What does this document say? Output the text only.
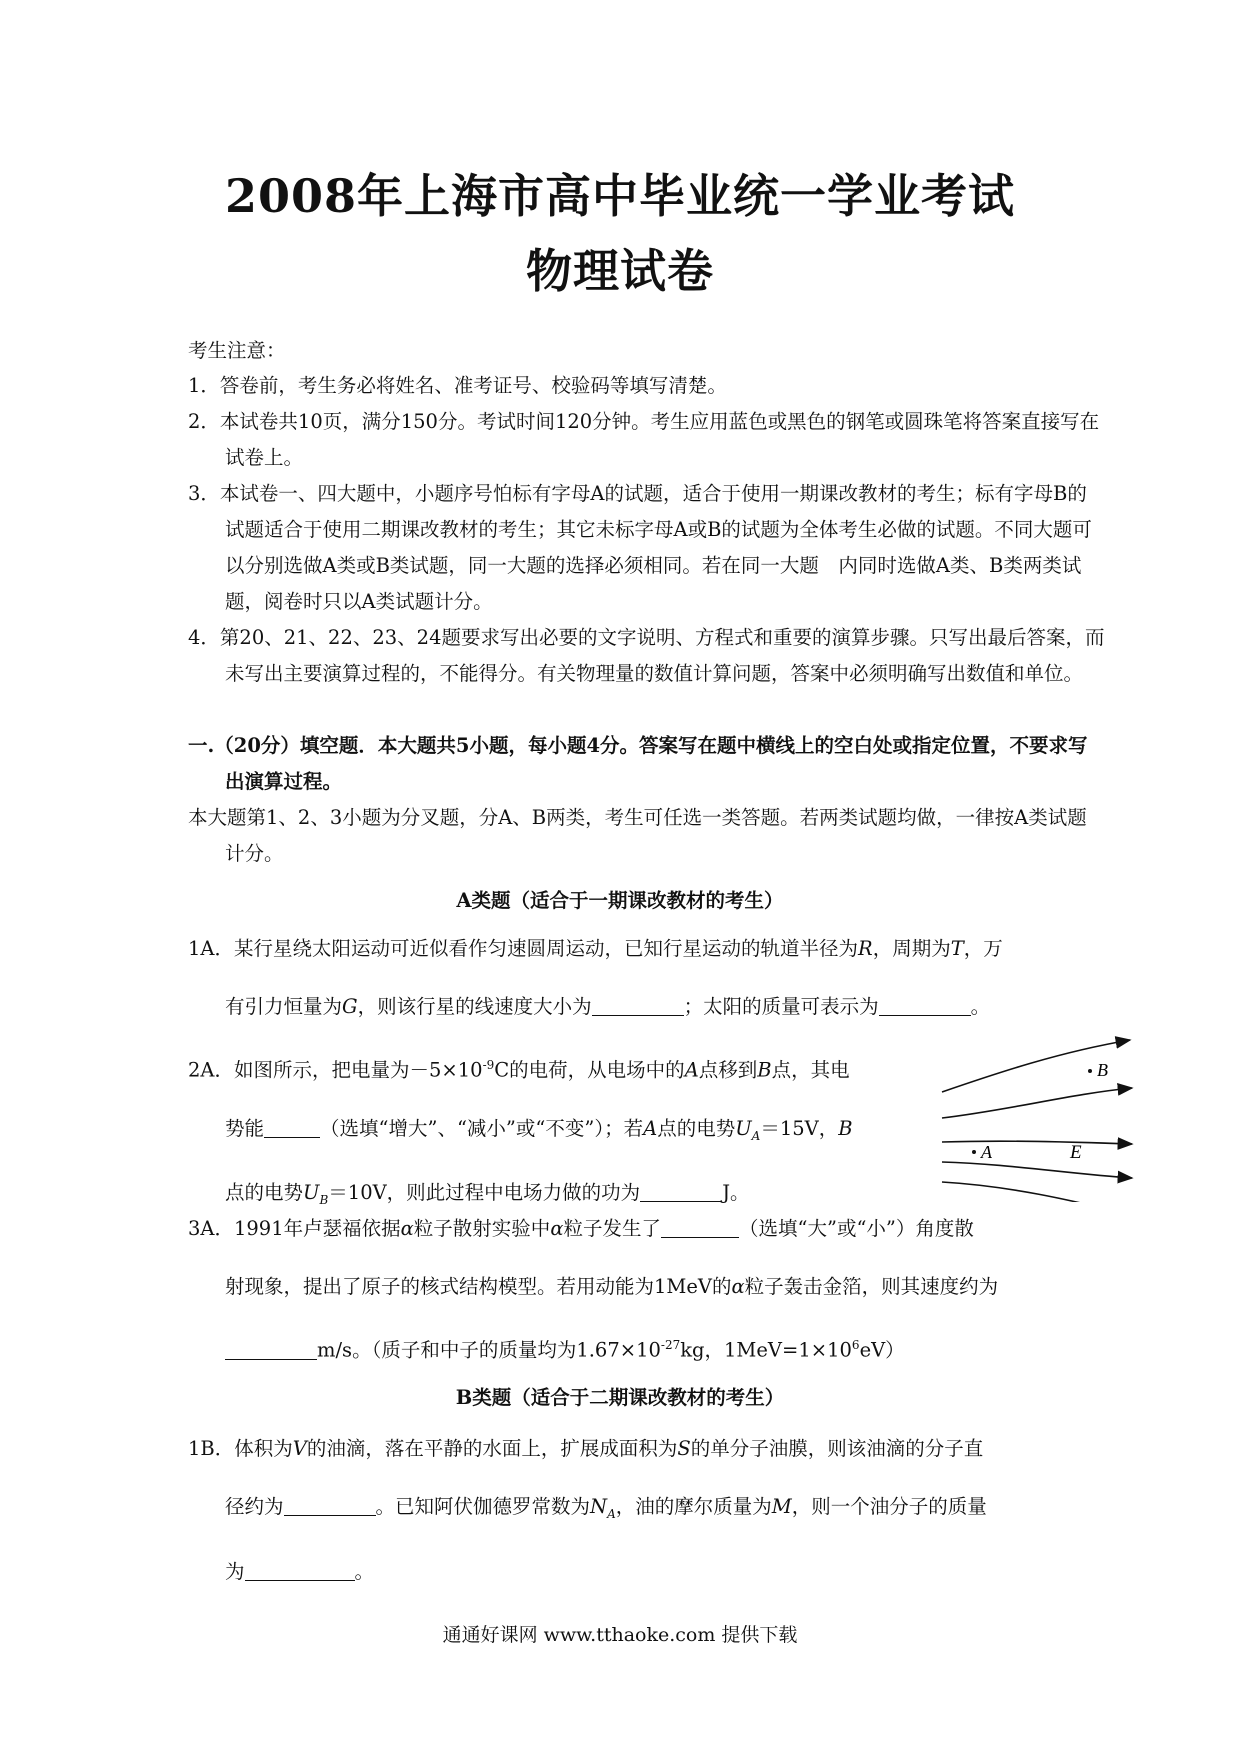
2008年上海市高中毕业统一学业考试
物理试卷
考生注意：
1．答卷前，考生务必将姓名、准考证号、校验码等填写清楚。
2．本试卷共10页，满分150分。考试时间120分钟。考生应用蓝色或黑色的钢笔或圆珠笔将答案直接写在试卷上。
3．本试卷一、四大题中，小题序号怕标有字母A的试题，适合于使用一期课改教材的考生；标有字母B的试题适合于使用二期课改教材的考生；其它未标字母A或B的试题为全体考生必做的试题。不同大题可以分别选做A类或B类试题，同一大题的选择必须相同。若在同一大题　内同时选做A类、B类两类试题，阅卷时只以A类试题计分。
4．第20、21、22、23、24题要求写出必要的文字说明、方程式和重要的演算步骤。只写出最后答案，而未写出主要演算过程的，不能得分。有关物理量的数值计算问题，答案中必须明确写出数值和单位。
一.（20分）填空题．本大题共5小题，每小题4分。答案写在题中横线上的空白处或指定位置，不要求写出演算过程。
本大题第1、2、3小题为分叉题，分A、B两类，考生可任选一类答题。若两类试题均做，一律按A类试题计分。
A类题（适合于一期课改教材的考生）
1A．某行星绕太阳运动可近似看作匀速圆周运动，已知行星运动的轨道半径为R，周期为T，万
有引力恒量为G，则该行星的线速度大小为	；太阳的质量可表示为	。
2A．如图所示，把电量为$-5\times 10^{-9}C$的电荷，从电场中的A点移到B点，其电
势能	（选填“增大”、“减小”或“不变”）；若A点的电势$U_A=15V$，B
点的电势$U_B=10V$，则此过程中电场力做的功为	J。
B
A	E
3A．1991年卢瑟福依据α粒子散射实验中α粒子发生了	（选填“大”或“小”）角度散
射现象，提出了原子的核式结构模型。若用动能为1MeV的α粒子轰击金箔，则其速度约为
m/s。（质子和中子的质量均为$1.67\times 10^{-27}kg$，$1MeV=1\times 10^6eV$）
B类题（适合于二期课改教材的考生）
1B．体积为V的油滴，落在平静的水面上，扩展成面积为S的单分子油膜，则该油滴的分子直
径约为	。已知阿伏伽德罗常数为$N_A$，油的摩尔质量为M，则一个油分子的质量
为	。
通通好课网 www.tthaoke.com 提供下载
